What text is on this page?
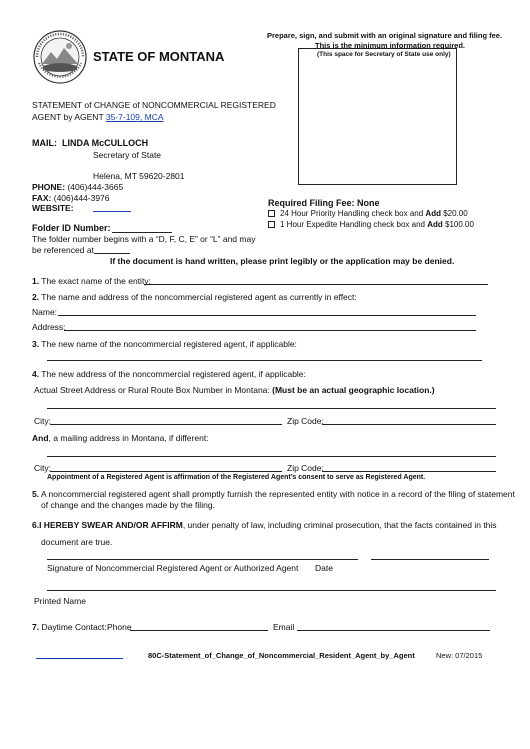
STATE OF MONTANA
Prepare, sign, and submit with an original signature and filing fee.
This is the minimum information required.
(This space for Secretary of State use only)
STATEMENT of CHANGE of NONCOMMERCIAL REGISTERED
AGENT by AGENT 35-7-109, MCA
MAIL: LINDA McCULLOCH
Secretary of State
Helena, MT 59620-2801
PHONE: (406)444-3665
FAX: (406)444-3976
WEBSITE:
Folder ID Number:
The folder number begins with a “D, F, C, E” or “L” and may
be referenced at
Required Filing Fee: None
24 Hour Priority Handling check box and Add $20.00
1 Hour Expedite Handling check box and Add $100.00
If the document is hand written, please print legibly or the application may be denied.
1. The exact name of the entity:
2. The name and address of the noncommercial registered agent as currently in effect:
Name:
Address:
3. The new name of the noncommercial registered agent, if applicable:
4. The new address of the noncommercial registered agent, if applicable:
Actual Street Address or Rural Route Box Number in Montana: (Must be an actual geographic location.)
City:	Zip Code:
And, a mailing address in Montana, if different:
City:	Zip Code:
Appointment of a Registered Agent is affirmation of the Registered Agent’s consent to serve as Registered Agent.
5. A noncommercial registered agent shall promptly furnish the represented entity with notice in a record of the filing of statement
of change and the changes made by the filing.
6.I HEREBY SWEAR AND/OR AFFIRM, under penalty of law, including criminal prosecution, that the facts contained in this
document are true.
Signature of Noncommercial Registered Agent or Authorized Agent Date
Printed Name
7. Daytime Contact: Phone	Email
80C-Statement_of_Change_of_Noncommercial_Resident_Agent_by_Agent	New: 07/2015
